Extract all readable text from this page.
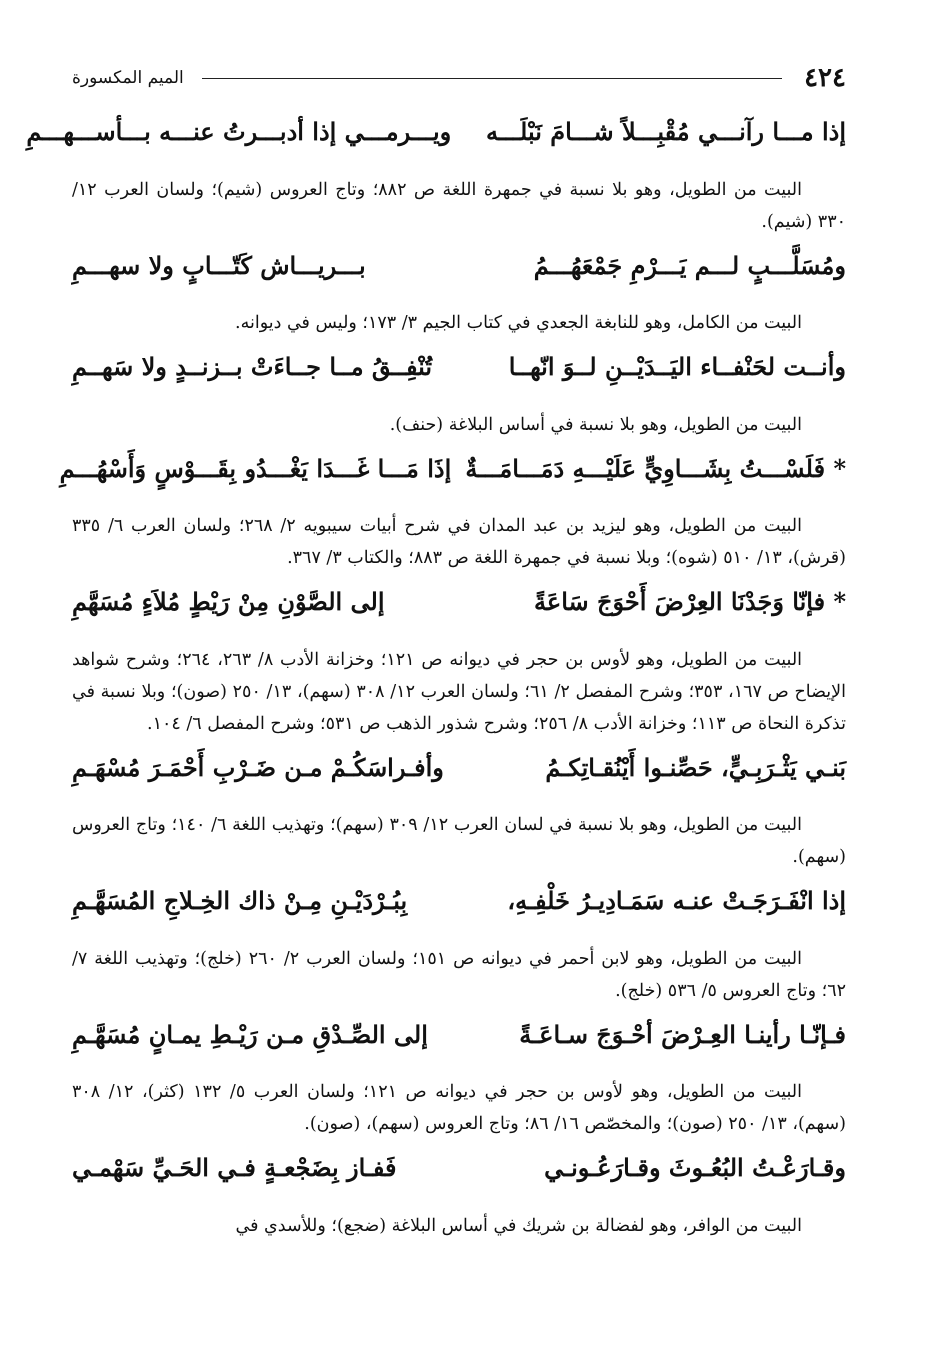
٤٢٤
الميم المكسورة
إذا مـــا رآنـــي مُقْبِـــلاً شـــامَ نَبْلَـــه
ويـــرمـــي إذا أدبـــرتُ عنـــه بـــأســـهـــمِ

البيت من الطويل، وهو بلا نسبة في جمهرة اللغة ص ٨٨٢؛ وتاج العروس (شيم)؛ ولسان العرب ١٢/ ٣٣٠ (شيم).

ومُسَلَّـــبٍ لـــم يَـــرْمِ جَمْعَهُـــمُ
بـــريـــاش كَتّـــابٍ ولا سهـــمِ

البيت من الكامل، وهو للنابغة الجعدي في كتاب الجيم ٣/ ١٧٣؛ وليس في ديوانه.

وأنــت لحَنْفــاء اليَــدَيْــنِ لــوَ انّهــا
تُنْفِــقُ مــا جــاءَتْ بــزنــدٍ ولا سَهــمِ

البيت من الطويل، وهو بلا نسبة في أساس البلاغة (حنف).

* فَلَسْـــتُ بِشَـــاوِيٍّ عَلَيْـــهِ دَمَـــامَـــةٌ
إذَا مَـــا غَـــدَا يَغْـــدُو بِقَـــوْسٍ وَأَسْهُـــمِ

البيت من الطويل، وهو ليزيد بن عبد المدان في شرح أبيات سيبويه ٢/ ٢٦٨؛ ولسان العرب ٦/ ٣٣٥ (قرش)، ١٣/ ٥١٠ (شوه)؛ وبلا نسبة في جمهرة اللغة ص ٨٨٣؛ والكتاب ٣/ ٣٦٧.

* فإنّا وَجَدْنَا العِرْضَ أَحْوَجَ سَاعَةً
إلى الصَّوْنِ مِنْ رَيْطٍ مُلاَءٍ مُسَهَّمِ

البيت من الطويل، وهو لأوس بن حجر في ديوانه ص ١٢١؛ وخزانة الأدب ٨/ ٢٦٣، ٢٦٤؛ وشرح شواهد الإيضاح ص ١٦٧، ٣٥٣؛ وشرح المفصل ٢/ ٦١؛ ولسان العرب ١٢/ ٣٠٨ (سهم)، ١٣/ ٢٥٠ (صون)؛ وبلا نسبة في تذكرة النحاة ص ١١٣؛ وخزانة الأدب ٨/ ٢٥٦؛ وشرح شذور الذهب ص ٥٣١؛ وشرح المفصل ٦/ ١٠٤.

بَنـي يَثْـرَبِـيٍّ، حَصِّنـوا أَيْنُقـاتِكـمُ
وأفـراسَكُـمْ مـن ضَـرْبِ أَحْمَـرَ مُسْهَـمِ

البيت من الطويل، وهو بلا نسبة في لسان العرب ١٢/ ٣٠٩ (سهم)؛ وتهذيب اللغة ٦/ ١٤٠؛ وتاج العروس (سهم).

إذا انْفَـرَجَـتْ عنـه سَمَـادِيـرُ خَلْفِـهِ،
بِبُـرْدَيْـنِ مِـنْ ذاك الخِـلاجِ المُسَهَّـمِ

البيت من الطويل، وهو لابن أحمر في ديوانه ص ١٥١؛ ولسان العرب ٢/ ٢٦٠ (خلج)؛ وتهذيب اللغة ٧/ ٦٢؛ وتاج العروس ٥/ ٥٣٦ (خلج).

فـإنّـا رأينـا العِـرْضَ أحْـوَجَ سـاعَـةً
إلى الصِّـدْقِ مـن رَيْـطِ يمـانٍ مُسَهَّـمِ

البيت من الطويل، وهو لأوس بن حجر في ديوانه ص ١٢١؛ ولسان العرب ٥/ ١٣٢ (كثر)، ١٢/ ٣٠٨ (سهم)، ١٣/ ٢٥٠ (صون)؛ والمخصّص ١٦/ ٨٦؛ وتاج العروس (سهم)، (صون).

وقـارَعْـتُ البُعُـوثَ وقـارَعُـونـي
فَفـاز بِضَجْعـةٍ فـي الحَـيِّ سَهْمـي

البيت من الوافر، وهو لفضالة بن شريك في أساس البلاغة (ضجع)؛ وللأسدي في
